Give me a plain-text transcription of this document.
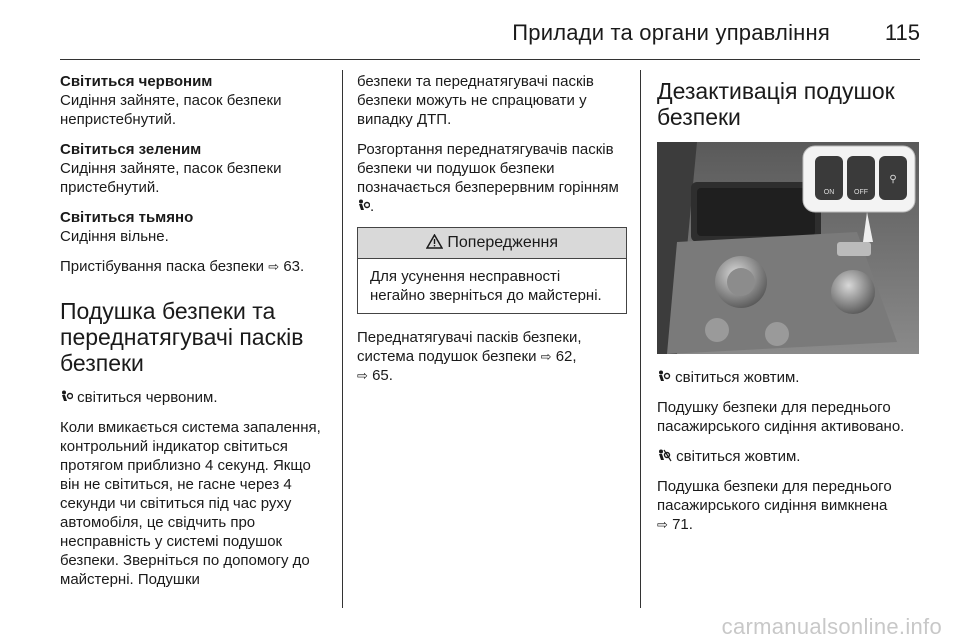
Прилади та органи управління 115

Світиться червоним

Сидіння зайняте, пасок безпеки непристебнутий.

Світиться зеленим

Сидіння зайняте, пасок безпеки пристебнутий.

Світиться тьмяно

Сидіння вільне.

Пристібування паска безпеки ⇨ 63.

Подушка безпеки та переднатягувачі пасків безпеки

світиться червоним.

Коли вмикається система запалення, контрольний індикатор світиться протягом приблизно 4 секунд. Якщо він не світиться, не гасне через 4 секунди чи світиться під час руху автомобіля, це свідчить про несправність у системі подушок безпеки. Зверніться по допомогу до майстерні. Подушки

безпеки та переднатягувачі пасків безпеки можуть не спрацювати у випадку ДТП.

Розгортання переднатягувачів пасків безпеки чи подушок безпеки позначається безперервним горінням .

Попередження
Для усунення несправності негайно зверніться до майстерні.

Переднатягувачі пасків безпеки, система подушок безпеки ⇨ 62,
⇨ 65.

Дезактивація подушок безпеки
ON	OFF
⚲

світиться жовтим.

Подушку безпеки для переднього пасажирського сидіння активовано.

світиться жовтим.

Подушка безпеки для переднього пасажирського сидіння вимкнена
⇨ 71.

carmanualsonline.info
